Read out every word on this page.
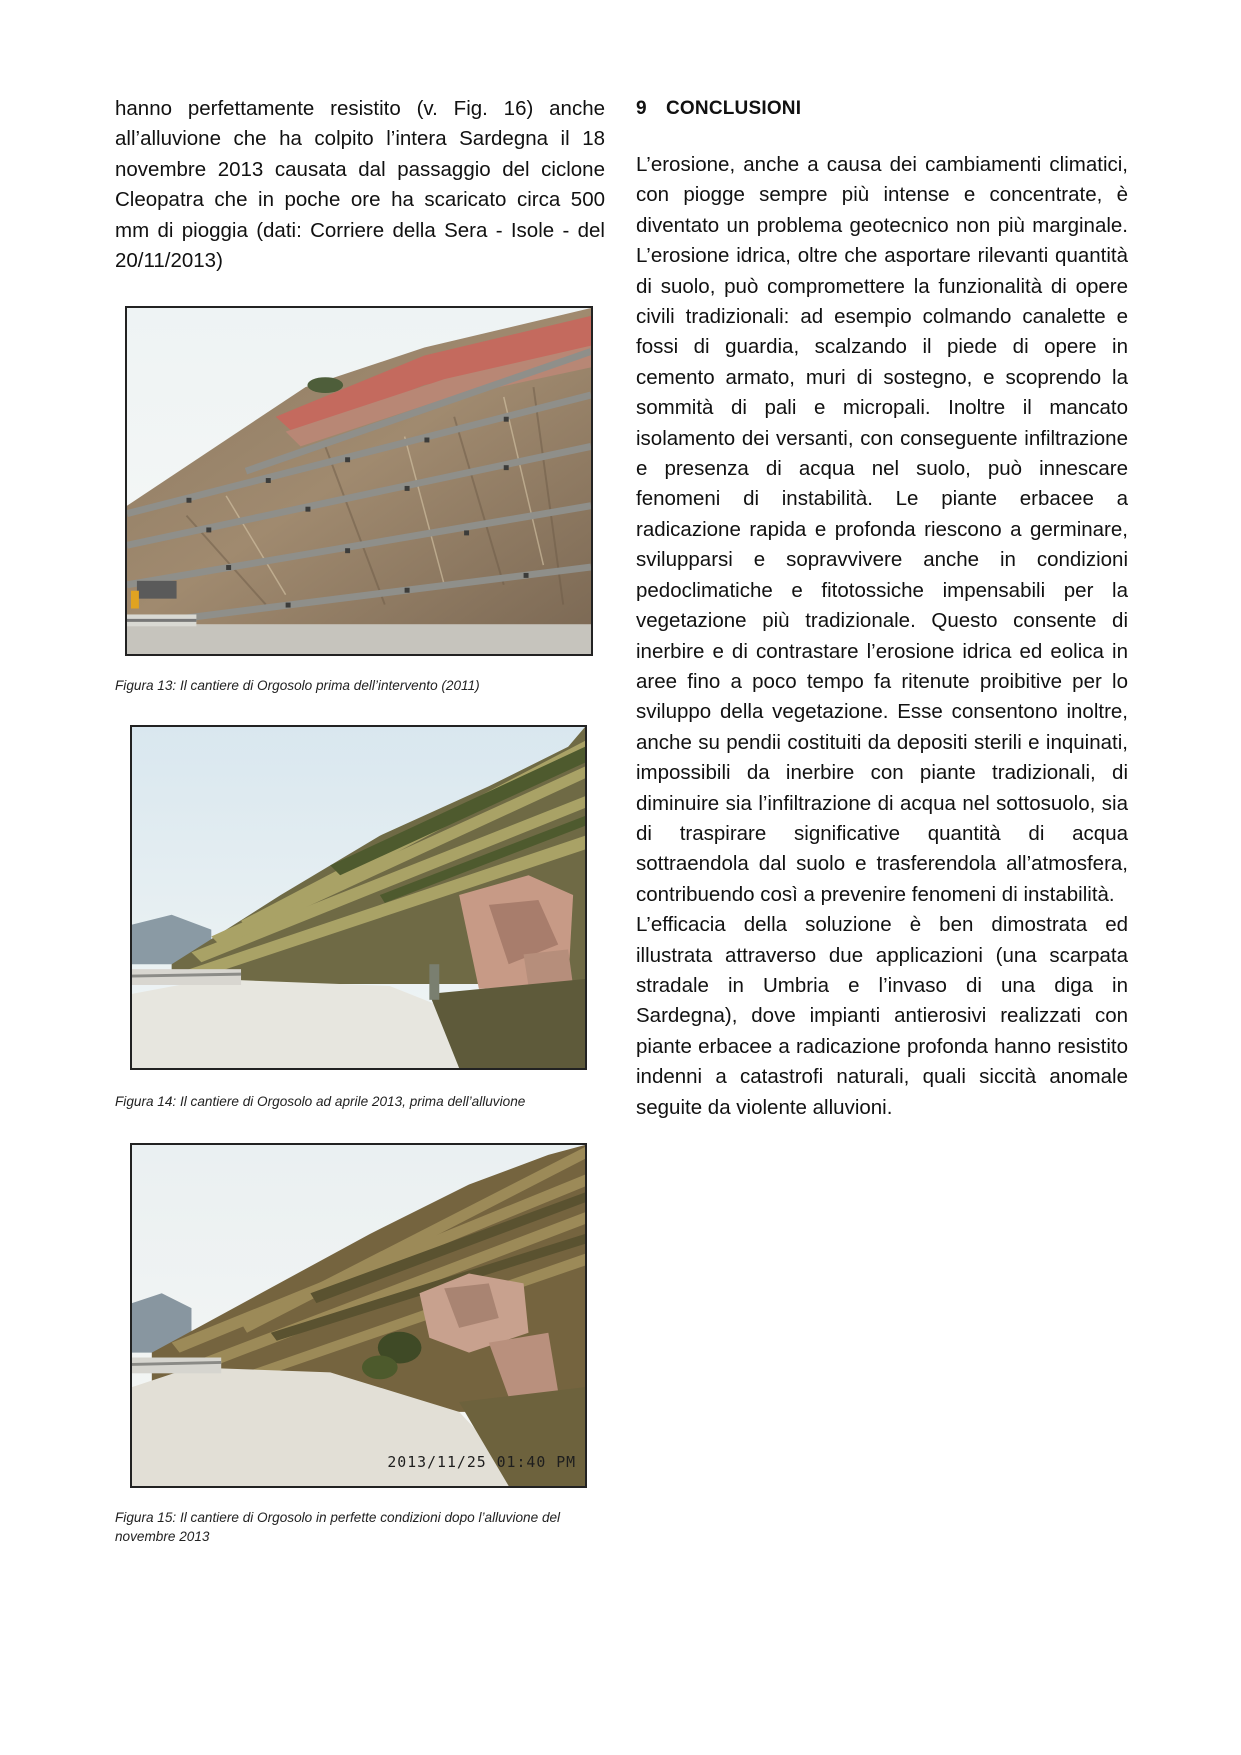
hanno perfettamente resistito (v. Fig. 16) anche all’alluvione che ha colpito l’intera Sardegna il 18 novembre 2013 causata dal passaggio del ciclone Cleopatra che in poche ore ha scaricato circa 500 mm di pioggia (dati: Corriere della Sera - Isole - del 20/11/2013)

Figura 13: Il cantiere di Orgosolo prima dell’intervento (2011)
Figura 14: Il cantiere di Orgosolo ad aprile 2013, prima dell’alluvione
2013/11/25 01:40 PM
Figura 15: Il cantiere di Orgosolo in perfette condizioni dopo l’alluvione del novembre 2013
9 CONCLUSIONI

L’erosione, anche a causa dei cambiamenti climatici, con piogge sempre più intense e concentrate, è diventato un problema geotecnico non più marginale. L’erosione idrica, oltre che asportare rilevanti quantità di suolo, può compromettere la funzionalità di opere civili tradizionali: ad esempio colmando canalette e fossi di guardia, scalzando il piede di opere in cemento armato, muri di sostegno, e scoprendo la sommità di pali e micropali. Inoltre il mancato isolamento dei versanti, con conseguente infiltrazione e presenza di acqua nel suolo, può innescare fenomeni di instabilità. Le piante erbacee a radicazione rapida e profonda riescono a germinare, svilupparsi e sopravvivere anche in condizioni pedoclimatiche e fitotossiche impensabili per la vegetazione più tradizionale. Questo consente di inerbire e di contrastare l’erosione idrica ed eolica in aree fino a poco tempo fa ritenute proibitive per lo sviluppo della vegetazione. Esse consentono inoltre, anche su pendii costituiti da depositi sterili e inquinati, impossibili da inerbire con piante tradizionali, di diminuire sia l’infiltrazione di acqua nel sottosuolo, sia di traspirare significative quantità di acqua sottraendola dal suolo e trasferendola all’atmosfera, contribuendo così a prevenire fenomeni di instabilità.

L’efficacia della soluzione è ben dimostrata ed illustrata attraverso due applicazioni (una scarpata stradale in Umbria e l’invaso di una diga in Sardegna), dove impianti antierosivi realizzati con piante erbacee a radicazione profonda hanno resistito indenni a catastrofi naturali, quali siccità anomale seguite da violente alluvioni.
